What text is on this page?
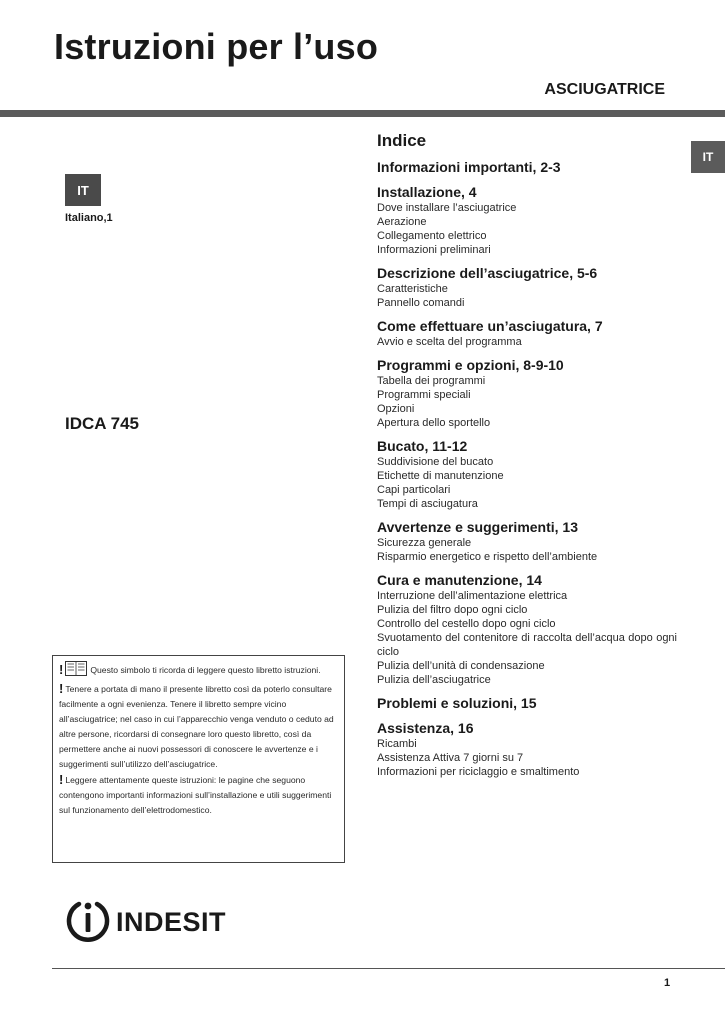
Istruzioni per l’uso
ASCIUGATRICE
IT
IT
Italiano,1
IDCA 745
Indice
Informazioni importanti, 2-3
Installazione, 4
Dove installare l’asciugatrice
Aerazione
Collegamento elettrico
Informazioni preliminari
Descrizione dell’asciugatrice, 5-6
Caratteristiche
Pannello comandi
Come effettuare un’asciugatura, 7
Avvio e scelta del programma
Programmi e opzioni, 8-9-10
Tabella dei programmi
Programmi speciali
Opzioni
Apertura dello sportello
Bucato, 11-12
Suddivisione del bucato
Etichette di manutenzione
Capi particolari
Tempi di asciugatura
Avvertenze e suggerimenti, 13
Sicurezza generale
Risparmio energetico e rispetto dell’ambiente
Cura e manutenzione, 14
Interruzione dell’alimentazione elettrica
Pulizia del filtro dopo ogni ciclo
Controllo del cestello dopo ogni ciclo
Svuotamento del contenitore di raccolta dell’acqua dopo ogni ciclo
Pulizia dell’unità di condensazione
Pulizia dell’asciugatrice
Problemi e soluzioni, 15
Assistenza, 16
Ricambi
Assistenza Attiva 7 giorni su 7
Informazioni per riciclaggio e smaltimento

!	Questo simbolo ti ricorda di leggere questo libretto istruzioni.

! Tenere a portata di mano il presente libretto così da poterlo consultare facilmente a ogni evenienza. Tenere il libretto sempre vicino all’asciugatrice; nel caso in cui l’apparecchio venga venduto o ceduto ad altre persone, ricordarsi di consegnare loro questo libretto, così da permettere anche ai nuovi possessori di conoscere le avvertenze e i suggerimenti sull’utilizzo dell’asciugatrice.

! Leggere attentamente queste istruzioni: le pagine che seguono contengono importanti informazioni sull’installazione e utili suggerimenti sul funzionamento dell’elettrodomestico.

INDESIT
1
